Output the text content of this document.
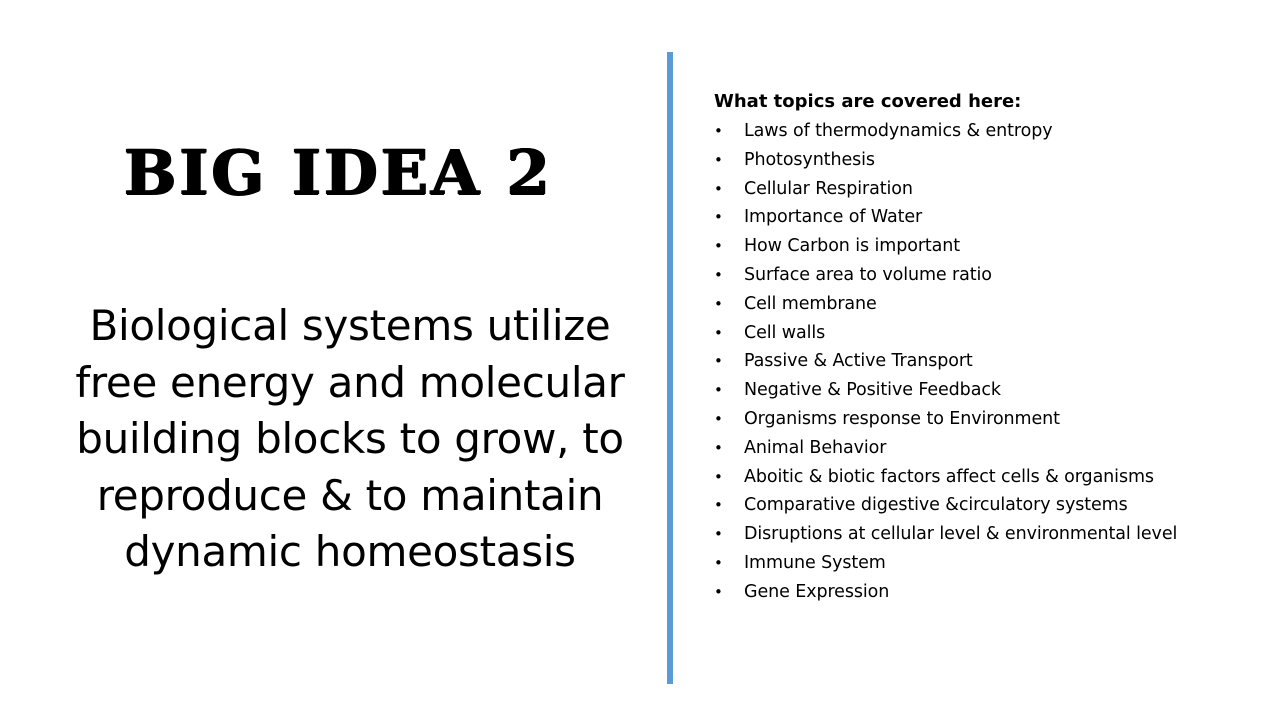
BIG IDEA 2

Biological systems utilize free energy and molecular building blocks to grow, to reproduce & to maintain dynamic homeostasis

What topics are covered here:

• Laws of thermodynamics & entropy
• Photosynthesis
• Cellular Respiration
• Importance of Water
• How Carbon is important
• Surface area to volume ratio
• Cell membrane
• Cell walls
• Passive & Active Transport
• Negative & Positive Feedback
• Organisms response to Environment
• Animal Behavior
• Aboitic & biotic factors affect cells & organisms
• Comparative digestive &circulatory systems
• Disruptions at cellular level & environmental level
• Immune System
• Gene Expression
